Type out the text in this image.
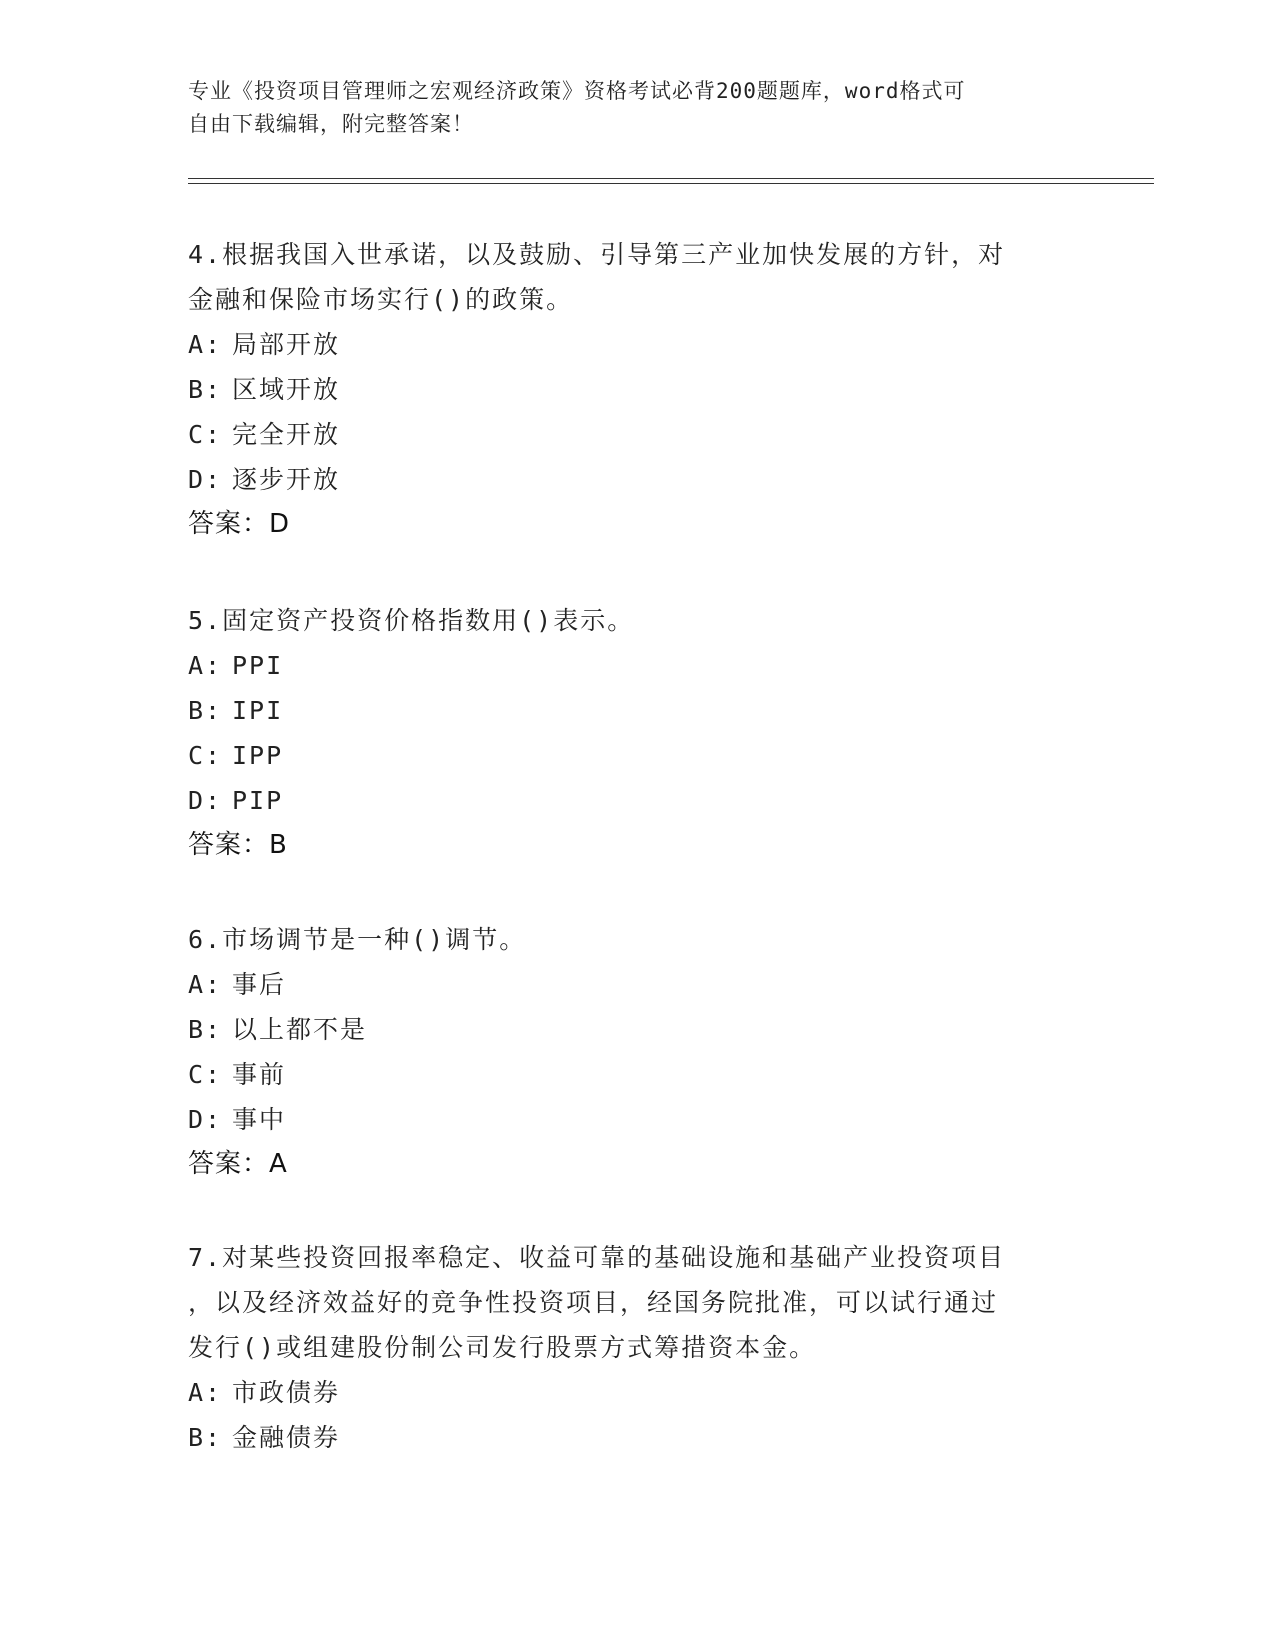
专业《投资项目管理师之宏观经济政策》资格考试必背200题题库，word格式可
自由下载编辑，附完整答案！
4.根据我国入世承诺，以及鼓励、引导第三产业加快发展的方针，对
金融和保险市场实行()的政策。
A: 局部开放
B: 区域开放
C: 完全开放
D: 逐步开放
答案：D
5.固定资产投资价格指数用()表示。
A: PPI
B: IPI
C: IPP
D: PIP
答案：B
6.市场调节是一种()调节。
A: 事后
B: 以上都不是
C: 事前
D: 事中
答案：A
7.对某些投资回报率稳定、收益可靠的基础设施和基础产业投资项目
，以及经济效益好的竞争性投资项目，经国务院批准，可以试行通过
发行()或组建股份制公司发行股票方式筹措资本金。
A: 市政债券
B: 金融债券
